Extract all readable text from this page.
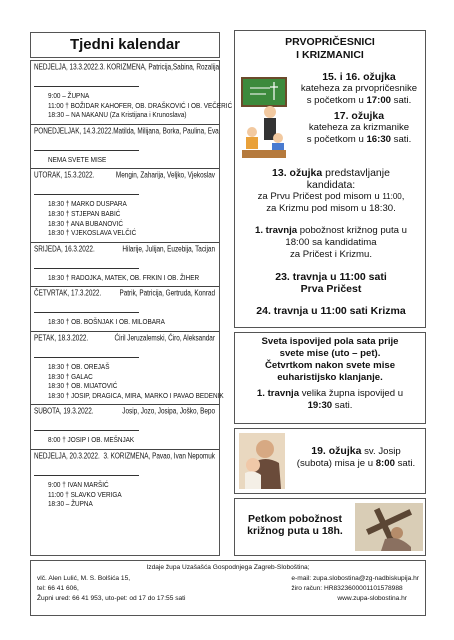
Tjedni kalendar
NEDJELJA, 13.3.2022. 3. KORIZMENA, Patricija,Sabina, Rozalija
9:00 – ŽUPNA
11:00 † BOŽIDAR KAHOFER, OB. DRAŠKOVIĆ I OB. VEČERIĆ
18:30 – NA NAKANU (Za Kristijana i Krunoslava)
PONEDJELJAK, 14.3.2022. Matilda, Milijana, Borka, Paulina, Eva
NEMA SVETE MISE
UTORAK, 15.3.2022.	Mengin, Zaharija, Veljko, Vjekoslav
18:30 † MARKO DUSPARA
18:30 † STJEPAN BABIĆ
18:30 † ANA BUBANOVIĆ
18:30 † VJEKOSLAVA VELČIĆ
SRIJEDA, 16.3.2022.	Hilarije, Julijan, Euzebija, Tacijan
18:30 † RADOJKA, MATEK, OB. FRKIN I OB. ŽIHER
ČETVRTAK, 17.3.2022.	Patrik, Patricija, Gertruda, Konrad
18:30 † OB. BOŠNJAK I OB. MILOBARA
PETAK, 18.3.2022.	Ćiril Jeruzalemski, Ćiro, Aleksandar
18:30 † OB. OREJAŠ
18:30 † GALAC
18:30 † OB. MIJATOVIĆ
18:30 † JOSIP, DRAGICA, MIRA, MARKO I PAVAO BEDENIK
SUBOTA, 19.3.2022.	Josip, Jozo, Josipa, Joško, Bepo
8:00 † JOSIP I OB. MEŠNJAK
NEDJELJA, 20.3.2022. 3. KORIZMENA, Pavao, Ivan Nepomuk
9:00 † IVAN MARŠIĆ
11:00 † SLAVKO VERIGA
18:30 – ŽUPNA
PRVOPRIČESNICI
I KRIZMANICI
15. i 16. ožujka
kateheza za prvopričesnike
s početkom u 17:00 sati.
17. ožujka
kateheza za krizmanike
s početkom u 16:30 sati.
13. ožujka predstavljanje
kandidata:
za Prvu Pričest pod misom u 11:00,
za Krizmu pod misom u 18:30.
1. travnja pobožnost križnog puta u
18:00 sa kandidatima
za Pričest i Krizmu.
23. travnja u 11:00 sati
Prva Pričest
24. travnja u 11:00 sati Krizma
Sveta ispovijed pola sata prije
svete mise (uto – pet).
Četvrtkom nakon svete mise
euharistijsko klanjanje.
1. travnja velika župna ispovijed u
19:30 sati.
19. ožujka sv. Josip
(subota) misa je u 8:00 sati.
Petkom pobožnost
križnog puta u 18h.
Izdaje župa Uzašašća Gospodnjega Zagreb-Sloboština;
vlč. Alen Lulić, M. S. Bolšića 15,
tel: 66 41 606,
Župni ured: 66 41 953, uto-pet: od 17 do 17:55 sati
e-mail: zupa.slobostina@zg-nadbiskupija.hr
žiro račun: HR8323600001101578988
www.zupa-slobostina.hr
